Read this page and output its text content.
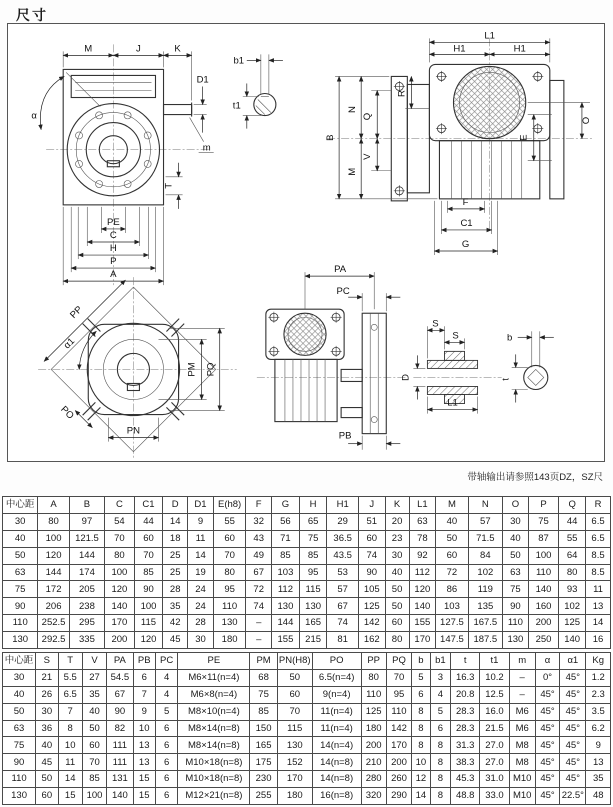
尺寸
α
M	J	K
D1
m
T
PE
C
H
P
A
b1
t1
L1
H1	H1
B
N
M
Q
V
R
O
E
F
C1
G
PP
α1
PO
PN
PM PQ
PA
PC
PB
S
S
D
L1
b
t
带轴输出请参照143页DZ，SZ尺
中心距	A	B	C	C1	D	D1	E(h8)	F	G	H	H1	J	K	L1	M	N	O	P	Q	R
30	80	97	54	44	14	9	55	32	56	65	29	51	20	63	40	57	30	75	44	6.5
40	100	121.5	70	60	18	11	60	43	71	75	36.5	60	23	78	50	71.5	40	87	55	6.5
50	120	144	80	70	25	14	70	49	85	85	43.5	74	30	92	60	84	50	100	64	8.5
63	144	174	100	85	25	19	80	67	103	95	53	90	40	112	72	102	63	110	80	8.5
75	172	205	120	90	28	24	95	72	112	115	57	105	50	120	86	119	75	140	93	11
90	206	238	140	100	35	24	110	74	130	130	67	125	50	140	103	135	90	160	102	13
110	252.5	295	170	115	42	28	130	–	144	165	74	142	60	155	127.5	167.5	110	200	125	14
130	292.5	335	200	120	45	30	180	–	155	215	81	162	80	170	147.5	187.5	130	250	140	16
中心距	S	T	V	PA	PB	PC	PE	PM	PN(H8)	PO	PP	PQ	b	b1	t	t1	m	α	α1	Kg
30	21	5.5	27	54.5	6	4	M6×11(n=4)	68	50	6.5(n=4)	80	70	5	3	16.3	10.2	–	0°	45°	1.2
40	26	6.5	35	67	7	4	M6×8(n=4)	75	60	9(n=4)	110	95	6	4	20.8	12.5	–	45°	45°	2.3
50	30	7	40	90	9	5	M8×10(n=4)	85	70	11(n=4)	125	110	8	5	28.3	16.0	M6	45°	45°	3.5
63	36	8	50	82	10	6	M8×14(n=8)	150	115	11(n=4)	180	142	8	6	28.3	21.5	M6	45°	45°	6.2
75	40	10	60	111	13	6	M8×14(n=8)	165	130	14(n=4)	200	170	8	8	31.3	27.0	M8	45°	45°	9
90	45	11	70	111	13	6	M10×18(n=8)	175	152	14(n=8)	210	200	10	8	38.3	27.0	M8	45°	45°	13
110	50	14	85	131	15	6	M10×18(n=8)	230	170	14(n=8)	280	260	12	8	45.3	31.0	M10	45°	45°	35
130	60	15	100	140	15	6	M12×21(n=8)	255	180	16(n=8)	320	290	14	8	48.8	33.0	M10	45°	22.5°	48
